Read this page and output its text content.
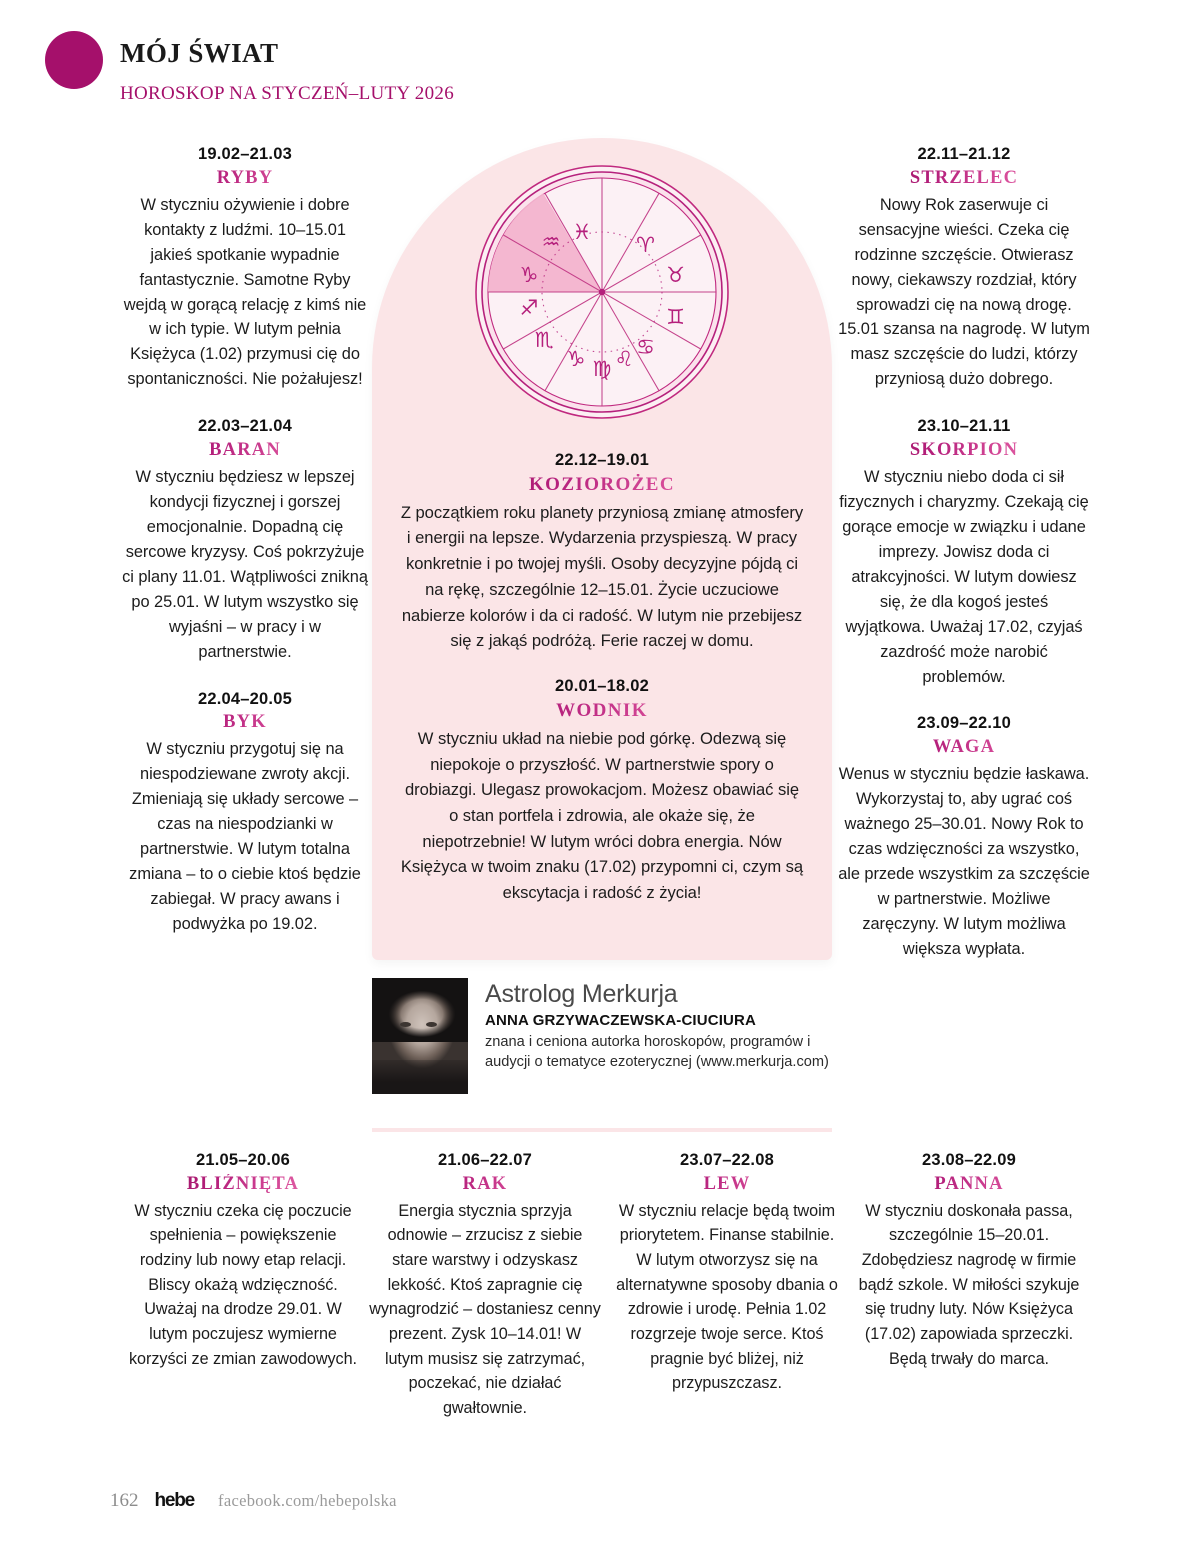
MÓJ ŚWIAT
HOROSKOP NA STYCZEŃ–LUTY 2026
19.02–21.03
RYBY
W styczniu ożywienie i dobre kontakty z ludźmi. 10–15.01 jakieś spotkanie wypadnie fantastycznie. Samotne Ryby wejdą w gorącą relację z kimś nie w ich typie. W lutym pełnia Księżyca (1.02) przymusi cię do spontaniczności. Nie pożałujesz!
22.03–21.04
BARAN
W styczniu będziesz w lepszej kondycji fizycznej i gorszej emocjonalnie. Dopadną cię sercowe kryzysy. Coś pokrzyżuje ci plany 11.01. Wątpliwości znikną po 25.01. W lutym wszystko się wyjaśni – w pracy i w partnerstwie.
22.04–20.05
BYK
W styczniu przygotuj się na niespodziewane zwroty akcji. Zmieniają się układy sercowe – czas na niespodzianki w partnerstwie. W lutym totalna zmiana – to o ciebie ktoś będzie zabiegał. W pracy awans i podwyżka po 19.02.
♈
♉
♊
♋
♌
♍
♑
♏
♐
♑
♒ ♓
22.12–19.01
KOZIOROŻEC
Z początkiem roku planety przyniosą zmianę atmosfery i energii na lepsze. Wydarzenia przyspieszą. W pracy konkretnie i po twojej myśli. Osoby decyzyjne pójdą ci na rękę, szczególnie 12–15.01. Życie uczuciowe nabierze kolorów i da ci radość. W lutym nie przebijesz się z jakąś podróżą. Ferie raczej w domu.
20.01–18.02
WODNIK
W styczniu układ na niebie pod górkę. Odezwą się niepokoje o przyszłość. W partnerstwie spory o drobiazgi. Ulegasz prowokacjom. Możesz obawiać się o stan portfela i zdrowia, ale okaże się, że niepotrzebnie! W lutym wróci dobra energia. Nów Księżyca w twoim znaku (17.02) przypomni ci, czym są ekscytacja i radość z życia!
Astrolog Merkurja
ANNA GRZYWACZEWSKA-CIUCIURA
znana i ceniona autorka horoskopów, programów i audycji o tematyce ezoterycznej (www.merkurja.com)
22.11–21.12
STRZELEC
Nowy Rok zaserwuje ci sensacyjne wieści. Czeka cię rodzinne szczęście. Otwierasz nowy, ciekawszy rozdział, który sprowadzi cię na nową drogę. 15.01 szansa na nagrodę. W lutym masz szczęście do ludzi, którzy przyniosą dużo dobrego.
23.10–21.11
SKORPION
W styczniu niebo doda ci sił fizycznych i charyzmy. Czekają cię gorące emocje w związku i udane imprezy. Jowisz doda ci atrakcyjności. W lutym dowiesz się, że dla kogoś jesteś wyjątkowa. Uważaj 17.02, czyjaś zazdrość może narobić problemów.
23.09–22.10
WAGA
Wenus w styczniu będzie łaskawa. Wykorzystaj to, aby ugrać coś ważnego 25–30.01. Nowy Rok to czas wdzięczności za wszystko, ale przede wszystkim za szczęście w partnerstwie. Możliwe zaręczyny. W lutym możliwa większa wypłata.
21.05–20.06
BLIŹNIĘTA
W styczniu czeka cię poczucie spełnienia – powiększenie rodziny lub nowy etap relacji. Bliscy okażą wdzięczność. Uważaj na drodze 29.01. W lutym poczujesz wymierne korzyści ze zmian zawodowych.
21.06–22.07
RAK
Energia stycznia sprzyja odnowie – zrzucisz z siebie stare warstwy i odzyskasz lekkość. Ktoś zapragnie cię wynagrodzić – dostaniesz cenny prezent. Zysk 10–14.01! W lutym musisz się zatrzymać, poczekać, nie działać gwałtownie.
23.07–22.08
LEW
W styczniu relacje będą twoim priorytetem. Finanse stabilnie. W lutym otworzysz się na alternatywne sposoby dbania o zdrowie i urodę. Pełnia 1.02 rozgrzeje twoje serce. Ktoś pragnie być bliżej, niż przypuszczasz.
23.08–22.09
PANNA
W styczniu doskonała passa, szczególnie 15–20.01. Zdobędziesz nagrodę w firmie bądź szkole. W miłości szykuje się trudny luty. Nów Księżyca (17.02) zapowiada sprzeczki. Będą trwały do marca.
162 hebe facebook.com/hebepolska
